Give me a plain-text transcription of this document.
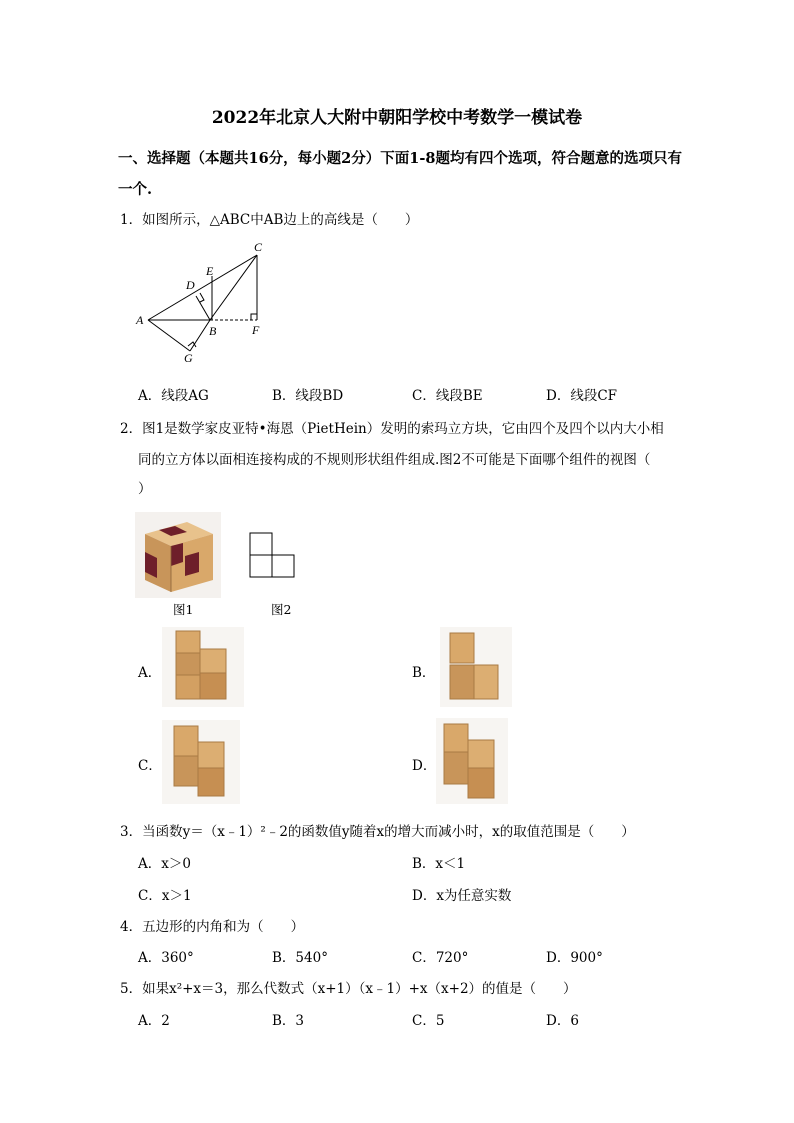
2022年北京人大附中朝阳学校中考数学一模试卷
一、选择题（本题共16分，每小题2分）下面1-8题均有四个选项，符合题意的选项只有
一个.
1．如图所示，△ABC中AB边上的高线是（　　）
C
E
D
A
B	F
G
A．线段AG	B．线段BD	C．线段BE	D．线段CF
2．图1是数学家皮亚特•海恩（PietHein）发明的索玛立方块，它由四个及四个以内大小相
同的立方体以面相连接构成的不规则形状组件组成.图2不可能是下面哪个组件的视图（
）
图1	图2
A．	B．
C．	D．
3．当函数y＝（x﹣1）²﹣2的函数值y随着x的增大而减小时，x的取值范围是（　　）
A．x＞0	B．x＜1
C．x＞1	D．x为任意实数
4．五边形的内角和为（　　）
A．360°	B．540°	C．720°	D．900°
5．如果x²+x＝3，那么代数式（x+1）（x﹣1）+x（x+2）的值是（　　）
A．2	B．3	C．5	D．6
